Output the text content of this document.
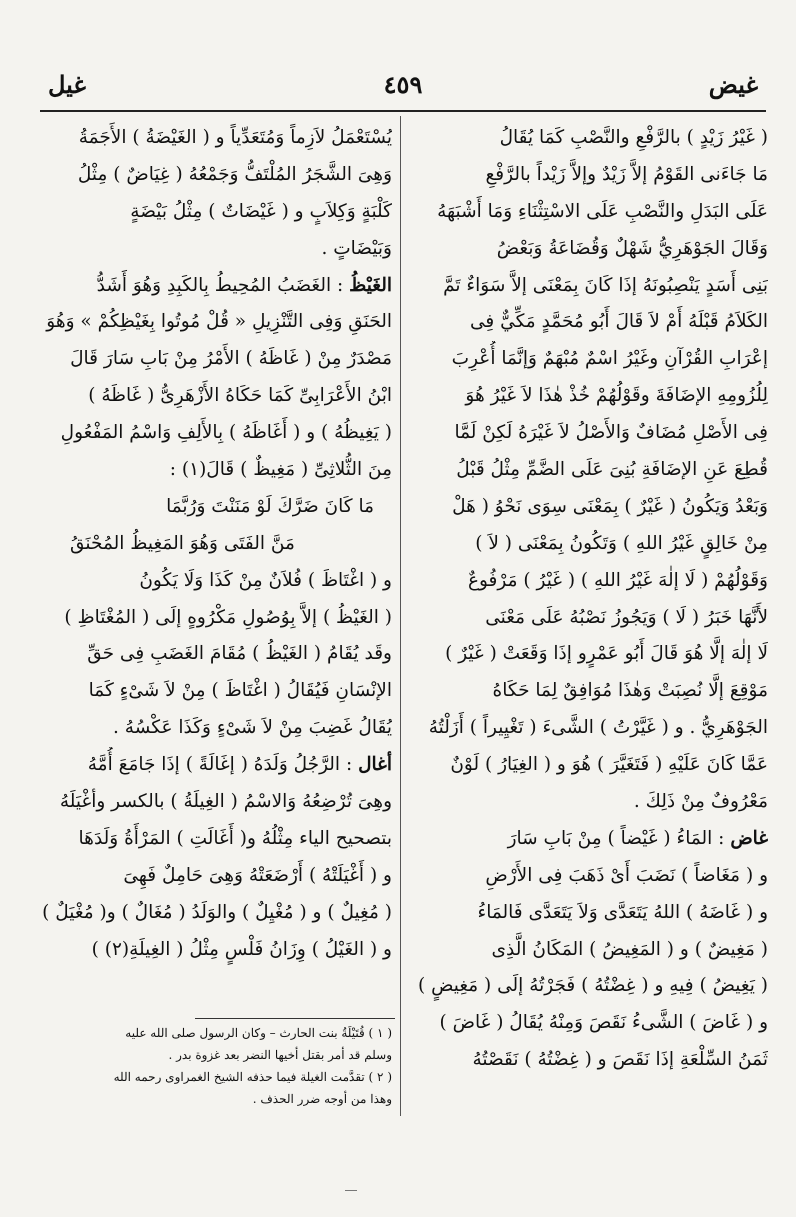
غيض
٤٥٩
غيل
( غَيْرُ زَيْدٍ ) بالرَّفْعِ والنَّصْبِ كَمَا يُقَالُ
مَا جَاءَنى القَوْمُ إلاَّ زَيْدٌ وإلاَّ زَيْداً بالرَّفْعِ
عَلَى البَدَلِ والنَّصْبِ عَلَى الاسْتِثْنَاءِ وَمَا أَشْبَهَهُ
وَقَالَ الجَوْهَرِيُّ شَهْلٌ وَقُضَاعَةُ وَبَعْضُ
بَنِى أَسَدٍ يَنْصِبُونَهُ إذَا كَانَ بِمَعْنَى إلاَّ سَوَاءٌ تَمَّ
الكَلاَمُ قَبْلَهُ أَمْ لاَ قَالَ أَبُو مُحَمَّدٍ مَكِّيٌّ فِى
إعْرَابِ القُرْآنِ وغَيْرُ اسْمٌ مُبْهَمٌ وَإنَّمَا أُعْرِبَ
لِلُزُومِهِ الإضَافَةَ وقَوْلُهُمْ خُذْ هٰذَا لاَ غَيْرُ هُوَ
فِى الأَصْلِ مُضَافٌ وَالأَصْلُ لاَ غَيْرَهُ لَكِنْ لَمَّا
قُطِعَ عَنِ الإضَافَةِ بُنِىَ عَلَى الضَّمِّ مِثْلُ قَبْلُ
وَبَعْدُ وَيَكُونُ ( غَيْرٌ ) بِمَعْنَى سِوَى نَحْوُ ( هَلْ
مِنْ خَالِقٍ غَيْرُ اللهِ ) وَتَكُونُ بِمَعْنَى ( لاَ )
وَقَوْلُهُمْ ( لَا إلٰهَ غَيْرُ اللهِ ) ( غَيْرُ ) مَرْفُوعٌ
لأَنَّهَا خَبَرُ ( لَا ) وَيَجُوزُ نَصْبُهُ عَلَى مَعْنَى
لَا إلٰهَ إلَّا هُوَ قَالَ أَبُو عَمْرٍو إذَا وَقَعَتْ ( غَيْرٌ )
مَوْقِعَ إلَّا نُصِبَتْ وَهٰذَا مُوَافِقٌ لِمَا حَكَاهُ
الجَوْهَرِيُّ . و ( غَيَّرْتُ ) الشَّىءَ ( تَغْيِيراً ) أَزَلْتُهُ
عَمَّا كَانَ عَلَيْهِ ( فَتَغَيَّرَ ) هُوَ و ( الغِيَارُ ) لَوْنٌ
مَعْرُوفٌ مِنْ ذَلِكَ .
غاض : المَاءُ ( غَيْضاً ) مِنْ بَابِ سَارَ
و ( مَغَاضاً ) نَضَبَ أَىْ ذَهَبَ فِى الأَرْضِ
و ( غَاضَهُ ) اللهُ يَتَعَدَّى وَلاَ يَتَعَدَّى فَالمَاءُ
( مَغِيضٌ ) و ( المَغِيضُ ) المَكَانُ الَّذِى
( يَغِيضُ ) فِيهِ و ( غِضْتُهُ ) فَجَرْتُهُ إلَى ( مَغِيضٍ )
و ( غَاضَ ) الشَّىءُ نَقَصَ وَمِنْهُ يُقَالُ ( غَاضَ )
ثَمَنُ السِّلْعَةِ إذَا نَقَصَ و ( غِضْتُهُ ) نَقَصْتُهُ
يُسْتَعْمَلُ لاَزِماً وَمُتَعَدِّياً و ( الغَيْضَةُ ) الأَجَمَةُ
وَهِىَ الشَّجَرُ المُلْتَفُّ وَجَمْعُهُ ( غِيَاضٌ ) مِثْلُ
كَلْبَةٍ وَكِلاَبٍ و ( غَيْضَاتٌ ) مِثْلُ بَيْضَةٍ
وَبَيْضَاتٍ .
الغَيْظُ : الغَضَبُ المُحِيطُ بِالكَبِدِ وَهُوَ أَشَدُّ
الحَنَقِ وَفِى التَّنْزِيلِ « قُلْ مُوتُوا بِغَيْظِكُمْ » وَهُوَ
مَصْدَرٌ مِنْ ( غَاظَهُ ) الأَمْرُ مِنْ بَابِ سَارَ قَالَ
ابْنُ الأَعْرَابِىِّ كَمَا حَكَاهُ الأَزْهَرِىُّ ( غَاظَهُ )
( يَغِيظُهُ ) و ( أَغَاظَهُ ) بِالأَلِفِ وَاسْمُ المَفْعُولِ
مِنَ الثُّلاثِىِّ ( مَغِيظٌ ) قَالَ(١) :
مَا كَانَ ضَرَّكَ لَوْ مَنَنْتَ وَرُبَّمَا
مَنَّ الفَتَى وَهُوَ المَغِيظُ المُحْنَقُ
و ( اغْتَاظَ ) فُلاَنٌ مِنْ كَذَا وَلَا يَكُونُ
( الغَيْظُ ) إلاَّ بِوُصُولِ مَكْرُوهٍ إلَى ( المُغْتَاظِ )
وقَد يُقَامُ ( الغَيْظُ ) مُقَامَ الغَضَبِ فِى حَقِّ
الإنْسَانِ فَيُقَالُ ( اغْتَاظَ ) مِنْ لاَ شَىْءٍ كَمَا
يُقَالُ غَضِبَ مِنْ لاَ شَىْءٍ وَكَذَا عَكْسُهُ .
أغال : الرَّجُلُ وَلَدَهُ ( إغَالَةً ) إذَا جَامَعَ أُمَّهُ
وهِىَ تُرْضِعُهُ وَالاسْمُ ( الغِيلَةُ ) بالكسر وأغْيَلَهُ
بتصحيح الياء مِثْلُهُ و( أَغَالَتِ ) المَرْأَةُ وَلَدَهَا
و ( أَغْيَلَتْهُ ) أَرْضَعَتْهُ وَهِىَ حَامِلٌ فَهِىَ
( مُغِيلٌ ) و ( مُغْيِلٌ ) والوَلَدُ ( مُغَالٌ ) و( مُغْيَلٌ )
و ( الغَيْلُ ) وِزَانُ فَلْسٍ مِثْلُ ( الغِيلَةِ(٢) )
( ١ ) قُتَيْلَةُ بنت الحارث – وكان الرسول صلى الله عليه
وسلم قد أمر بقتل أخيها النضر بعد غزوة بدر .
( ٢ ) تقدَّمت الغيلة فيما حذفه الشيخ الغمراوى رحمه الله
وهذا من أوجه ضرر الحذف .
